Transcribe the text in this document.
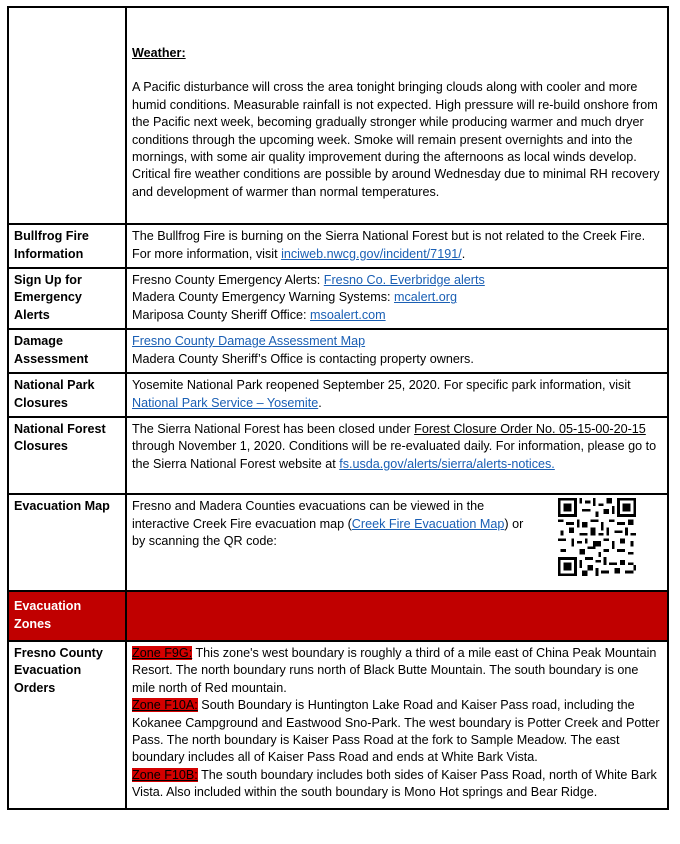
	Weather:
A Pacific disturbance will cross the area tonight bringing clouds along with cooler and more humid conditions. Measurable rainfall is not expected. High pressure will re-build onshore from the Pacific next week, becoming gradually stronger while producing warmer and much dryer conditions through the upcoming week. Smoke will remain present overnights and into the mornings, with some air quality improvement during the afternoons as local winds develop. Critical fire weather conditions are possible by around Wednesday due to minimal RH recovery and development of warmer than normal temperatures.

Bullfrog Fire Information	The Bullfrog Fire is burning on the Sierra National Forest but is not related to the Creek Fire. For more information, visit inciweb.nwcg.gov/incident/7191/.
Sign Up for Emergency Alerts	Fresno County Emergency Alerts: Fresno Co. Everbridge alerts
Madera County Emergency Warning Systems: mcalert.org
Mariposa County Sheriff Office: msoalert.com

Damage Assessment	Fresno County Damage Assessment Map
Madera County Sheriff’s Office is contacting property owners.

National Park Closures	Yosemite National Park reopened September 25, 2020. For specific park information, visit National Park Service – Yosemite.
National Forest Closures	The Sierra National Forest has been closed under Forest Closure Order No. 05-15-00-20-15 through November 1, 2020. Conditions will be re-evaluated daily. For information, please go to the Sierra National Forest website at fs.usda.gov/alerts/sierra/alerts-notices.
Evacuation Map	Fresno and Madera Counties evacuations can be viewed in the interactive Creek Fire evacuation map (Creek Fire Evacuation Map) or by scanning the QR code:

Evacuation Zones	
Fresno County Evacuation Orders	Zone F9G: This zone's west boundary is roughly a third of a mile east of China Peak Mountain Resort. The north boundary runs north of Black Butte Mountain. The south boundary is one mile north of Red mountain.
Zone F10A: South Boundary is Huntington Lake Road and Kaiser Pass road, including the Kokanee Campground and Eastwood Sno-Park. The west boundary is Potter Creek and Potter Pass. The north boundary is Kaiser Pass Road at the fork to Sample Meadow. The east boundary includes all of Kaiser Pass Road and ends at White Bark Vista.
Zone F10B: The south boundary includes both sides of Kaiser Pass Road, north of White Bark Vista. Also included within the south boundary is Mono Hot springs and Bear Ridge.
